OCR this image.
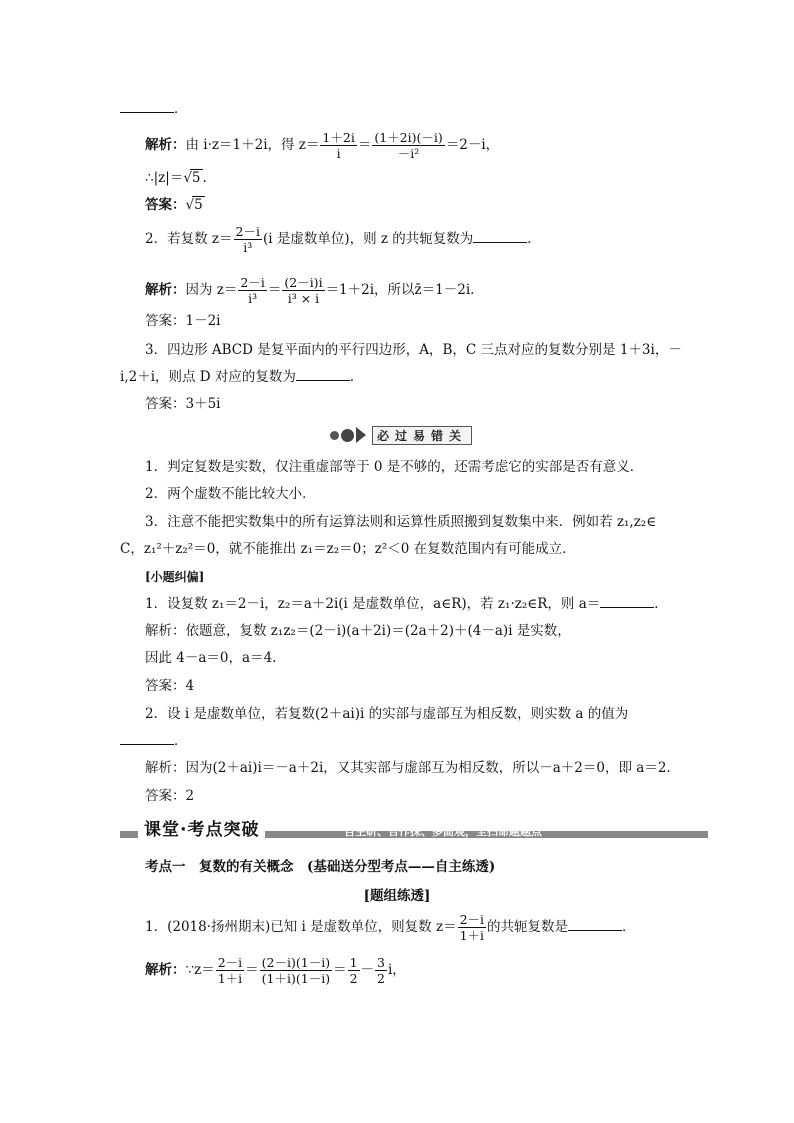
．
解析：由 i·z＝1＋2i，得 $z= \frac{1+2i}{i} = \frac{(1+2i)(-i)}{\text{－i²}} =2-i$，
∴|z|＝√5 .
答案：√5
2．若复数 $z= \frac{2-i}{\text{i³}} (i$ 是虚数单位)，则 z 的共轭复数为	．
解析：因为 $z= \frac{2-i}{\text{i³}} = \frac{(2-i)i}{\text{i³ × i}} =1+2i$，所以z̄＝1－2i.
答案：1－2i
3．四边形 ABCD 是复平面内的平行四边形，A，B，C 三点对应的复数分别是 1＋3i，－
i,2＋i，则点 D 对应的复数为	．
答案：3＋5i
必过易错关
1．判定复数是实数，仅注重虚部等于 0 是不够的，还需考虑它的实部是否有意义．
2．两个虚数不能比较大小．
3．注意不能把实数集中的所有运算法则和运算性质照搬到复数集中来．例如若 z₁,z₂∈
C，z₁²＋z₂²＝0，就不能推出 z₁＝z₂＝0；z²＜0 在复数范围内有可能成立．
[小题纠偏]
1．设复数 z₁＝2－i，z₂＝a＋2i(i 是虚数单位，a∈R)，若 z₁·z₂∈R，则 a＝	．
解析：依题意，复数 z₁z₂＝(2－i)(a＋2i)＝(2a＋2)＋(4－a)i 是实数，
因此 4－a＝0，a＝4.
答案：4
2．设 i 是虚数单位，若复数(2＋ai)i 的实部与虚部互为相反数，则实数 a 的值为
．
解析：因为(2＋ai)i＝－a＋2i，又其实部与虚部互为相反数，所以－a＋2＝0，即 a＝2.
答案：2
课堂·考点突破	自主研、合作探、多面观，全扫命题题点
考点一　复数的有关概念　(基础送分型考点——自主练透)
[题组练透]
1．(2018·扬州期末)已知 i 是虚数单位，则复数 $z= \frac{2-i}{1+i}$ 的共轭复数是	．
解析：∵z＝ $\frac{2-i}{1+i} = \frac{(2-i)(1-i)}{(1+i)(1-i)} = \frac{1}{2} - \frac{3}{2}$ i，
